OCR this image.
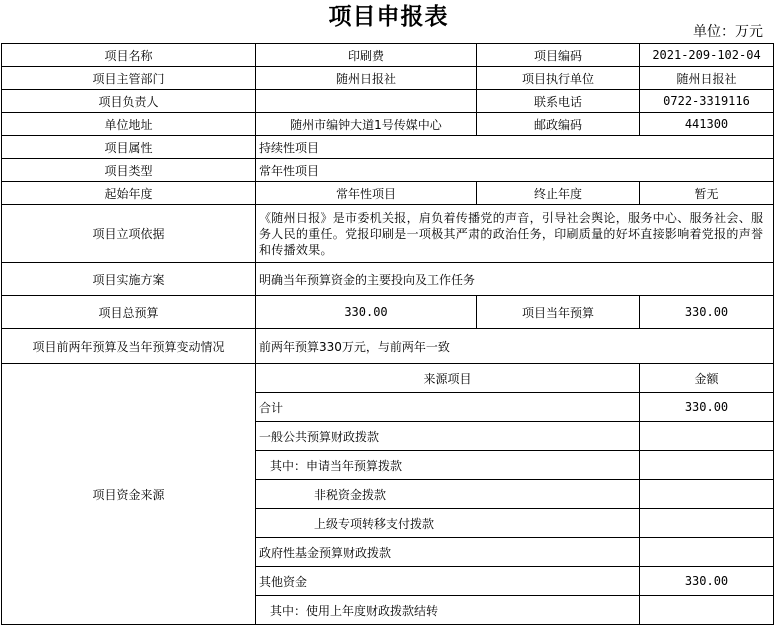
项目申报表
单位：万元
项目名称	印刷费	项目编码	2021-209-102-04
项目主管部门	随州日报社	项目执行单位	随州日报社
项目负责人		联系电话	0722-3319116
单位地址	随州市编钟大道1号传媒中心	邮政编码	441300
项目属性	持续性项目		
项目类型	常年性项目		
起始年度	常年性项目	终止年度	暂无
项目立项依据	《随州日报》是市委机关报，肩负着传播党的声音，引导社会舆论，服务中心、服务社会、服务人民的重任。党报印刷是一项极其严肃的政治任务，印刷质量的好坏直接影响着党报的声誉和传播效果。		
项目实施方案	明确当年预算资金的主要投向及工作任务		
项目总预算	330.00	项目当年预算	330.00
项目前两年预算及当年预算变动情况	前两年预算330万元，与前两年一致		
项目资金来源	来源项目		金额
	合计		330.00
	一般公共预算财政拨款		
	其中：申请当年预算拨款		
	非税资金拨款		
	上级专项转移支付拨款		
	政府性基金预算财政拨款		
	其他资金		330.00
	其中：使用上年度财政拨款结转		
